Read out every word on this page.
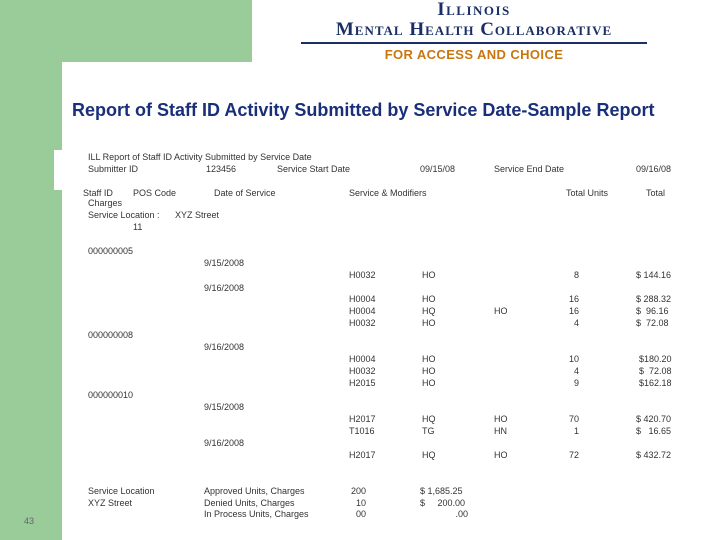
Illinois
Mental Health Collaborative
FOR ACCESS AND CHOICE
Report of Staff ID Activity Submitted by Service Date-Sample Report
ILL Report of Staff ID Activity Submitted by Service Date
Submitter ID	123456	Service Start Date	09/15/08	Service End Date	09/16/08
Staff ID POS Code	Date of Service	Service & Modifiers	Total Units	Total
Charges
Service Location : XYZ Street
11
000000005
9/15/2008
H0032	HO	8	$ 144.16
9/16/2008
H0004	HO	16	$ 288.32
H0004	HQ	HO	16	$  96.16
H0032	HO	4	$  72.08
000000008
9/16/2008
H0004	HO	10	$180.20
H0032	HO	4	$  72.08
H2015	HO	9	$162.18
000000010
9/15/2008
H2017	HQ	HO	70	$ 420.70
T1016	TG	HN	1	$   16.65
9/16/2008
H2017	HQ	HO	72	$ 432.72
Service Location
XYZ Street
Approved Units, Charges	200	$ 1,685.25
Denied Units, Charges	10	$     200.00
In Process Units, Charges	00	.00
43
